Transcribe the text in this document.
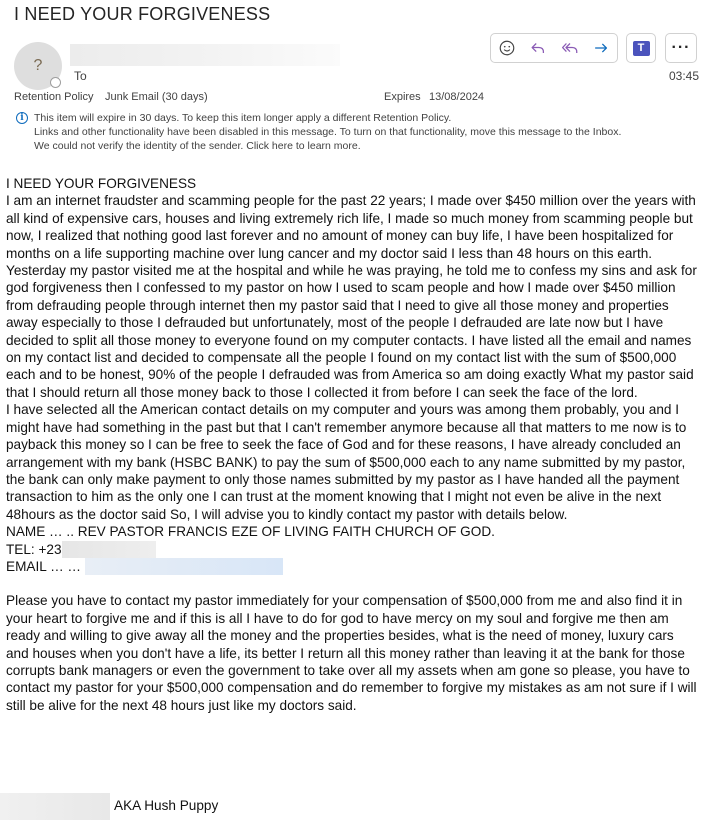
I NEED YOUR FORGIVENESS
?
To
T ···
03:45
Retention Policy Junk Email (30 days)	Expires 13/08/2024
i This item will expire in 30 days. To keep this item longer apply a different Retention Policy.
Links and other functionality have been disabled in this message. To turn on that functionality, move this message to the Inbox.
We could not verify the identity of the sender. Click here to learn more.

I NEED YOUR FORGIVENESS

I am an internet fraudster and scamming people for the past 22 years; I made over $450 million over the years with all kind of expensive cars, houses and living extremely rich life, I made so much money from scamming people but now, I realized that nothing good last forever and no amount of money can buy life, I have been hospitalized for months on a life supporting machine over lung cancer and my doctor said I less than 48 hours on this earth.

Yesterday my pastor visited me at the hospital and while he was praying, he told me to confess my sins and ask for god forgiveness then I confessed to my pastor on how I used to scam people and how I made over $450 million from defrauding people through internet then my pastor said that I need to give all those money and properties away especially to those I defrauded but unfortunately, most of the people I defrauded are late now but I have decided to split all those money to everyone found on my computer contacts. I have listed all the email and names on my contact list and decided to compensate all the people I found on my contact list with the sum of $500,000 each and to be honest, 90% of the people I defrauded was from America so am doing exactly What my pastor said that I should return all those money back to those I collected it from before I can seek the face of the lord.

I have selected all the American contact details on my computer and yours was among them probably, you and I might have had something in the past but that I can't remember anymore because all that matters to me now is to payback this money so I can be free to seek the face of God and for these reasons, I have already concluded an arrangement with my bank (HSBC BANK) to pay the sum of $500,000 each to any name submitted by my pastor, the bank can only make payment to only those names submitted by my pastor as I have handed all the payment transaction to him as the only one I can trust at the moment knowing that I might not even be alive in the next 48hours as the doctor said So, I will advise you to kindly contact my pastor with details below.

NAME … .. REV PASTOR FRANCIS EZE OF LIVING FAITH CHURCH OF GOD.

TEL: +23

EMAIL … …

Please you have to contact my pastor immediately for your compensation of $500,000 from me and also find it in your heart to forgive me and if this is all I have to do for god to have mercy on my soul and forgive me then am ready and willing to give away all the money and the properties besides, what is the need of money, luxury cars and houses when you don't have a life, its better I return all this money rather than leaving it at the bank for those corrupts bank managers or even the government to take over all my assets when am gone so please, you have to contact my pastor for your $500,000 compensation and do remember to forgive my mistakes as am not sure if I will still be alive for the next 48 hours just like my doctors said.

AKA Hush Puppy
